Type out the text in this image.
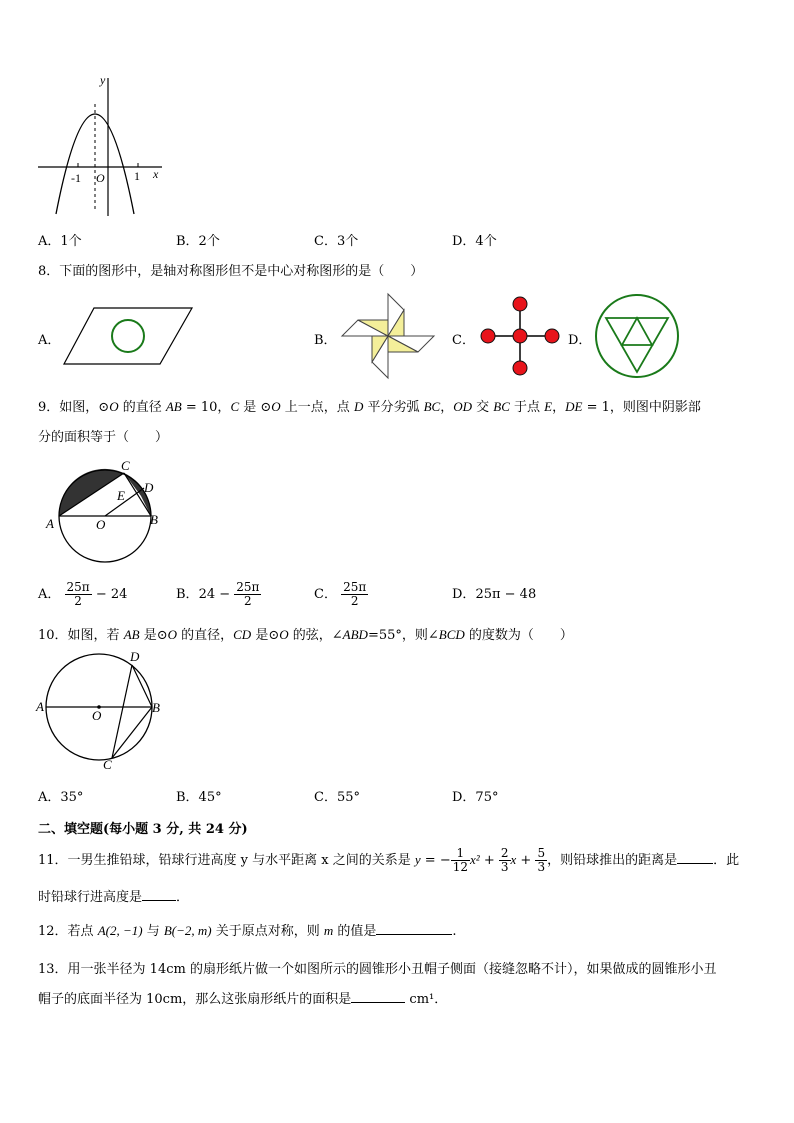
y
x
O
-1	1
A．1个	B．2个	C．3个	D．4个
8．下面的图形中，是轴对称图形但不是中心对称图形的是（　　）
A．	B．	C．	D．
9．如图，⊙O 的直径 AB = 10，C 是 ⊙O 上一点，点 D 平分劣弧 BC，OD 交 BC 于点 E，DE = 1，则图中阴影部
分的面积等于（　　）
C
D
E
A	O	B
A． $\frac{25\pi}{2} - 24$	B．$24 - \frac{25\pi}{2}$	C． $\frac{25\pi}{2}$	D．25π − 48
10．如图，若 AB 是⊙O 的直径，CD 是⊙O 的弦，∠ABD=55°，则∠BCD 的度数为（　　）
D
A
O
B
C
A．35°	B．45°	C．55°	D．75°
二、填空题(每小题 3 分, 共 24 分)
11．一男生推铅球，铅球行进高度 y 与水平距离 x 之间的关系是 y = − $\frac{1}{12} x^2 + \frac{2}{3}$ $x + \frac{5}{3}$ ，则铅球推出的距离是	．此
时铅球行进高度是	．
12．若点 A(2, −1) 与 B(−2, m) 关于原点对称，则 m 的值是	.
13．用一张半径为 14cm 的扇形纸片做一个如图所示的圆锥形小丑帽子侧面（接缝忽略不计），如果做成的圆锥形小丑
帽子的底面半径为 10cm，那么这张扇形纸片的面积是	cm¹．
